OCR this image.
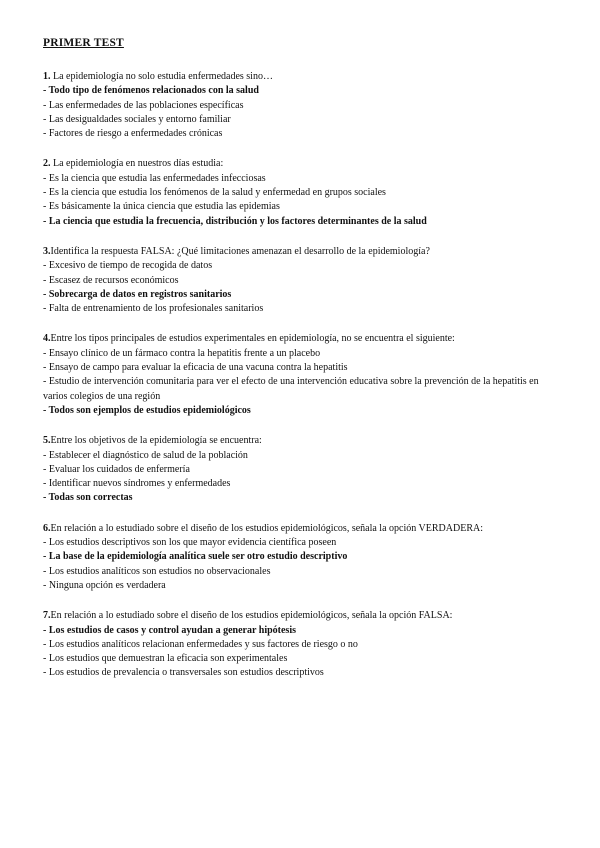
PRIMER TEST

1. La epidemiología no solo estudia enfermedades sino…

- Todo tipo de fenómenos relacionados con la salud

- Las enfermedades de las poblaciones específicas

- Las desigualdades sociales y entorno familiar

- Factores de riesgo a enfermedades crónicas

2. La epidemiología en nuestros días estudia:

- Es la ciencia que estudia las enfermedades infecciosas

- Es la ciencia que estudia los fenómenos de la salud y enfermedad en grupos sociales

- Es básicamente la única ciencia que estudia las epidemias

- La ciencia que estudia la frecuencia, distribución y los factores determinantes de la salud

3.Identifica la respuesta FALSA: ¿Qué limitaciones amenazan el desarrollo de la epidemiología?

- Excesivo de tiempo de recogida de datos

- Escasez de recursos económicos

- Sobrecarga de datos en registros sanitarios

- Falta de entrenamiento de los profesionales sanitarios

4.Entre los tipos principales de estudios experimentales en epidemiología, no se encuentra el siguiente:

- Ensayo clínico de un fármaco contra la hepatitis frente a un placebo

- Ensayo de campo para evaluar la eficacia de una vacuna contra la hepatitis

- Estudio de intervención comunitaria para ver el efecto de una intervención educativa sobre la prevención de la hepatitis en varios colegios de una región

- Todos son ejemplos de estudios epidemiológicos

5.Entre los objetivos de la epidemiología se encuentra:

- Establecer el diagnóstico de salud de la población

- Evaluar los cuidados de enfermería

- Identificar nuevos síndromes y enfermedades

- Todas son correctas

6.En relación a lo estudiado sobre el diseño de los estudios epidemiológicos, señala la opción VERDADERA:

- Los estudios descriptivos son los que mayor evidencia científica poseen

- La base de la epidemiología analítica suele ser otro estudio descriptivo

- Los estudios analíticos son estudios no observacionales

- Ninguna opción es verdadera

7.En relación a lo estudiado sobre el diseño de los estudios epidemiológicos, señala la opción FALSA:

- Los estudios de casos y control ayudan a generar hipótesis

- Los estudios analíticos relacionan enfermedades y sus factores de riesgo o no

- Los estudios que demuestran la eficacia son experimentales

- Los estudios de prevalencia o transversales son estudios descriptivos
